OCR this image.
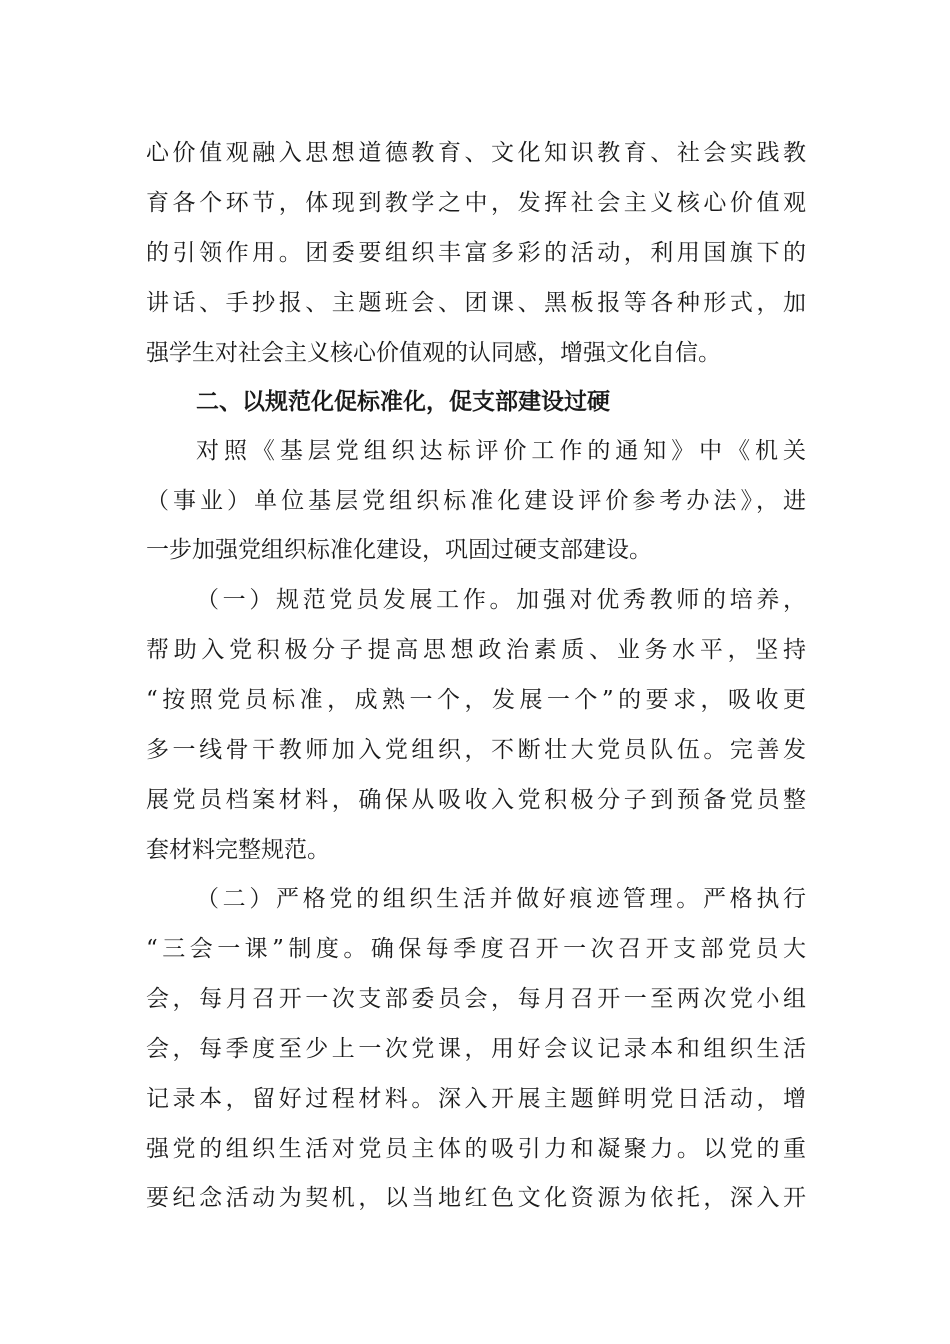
心价值观融入思想道德教育、文化知识教育、社会实践教
育各个环节，体现到教学之中，发挥社会主义核心价值观
的引领作用。团委要组织丰富多彩的活动，利用国旗下的
讲话、手抄报、主题班会、团课、黑板报等各种形式，加
强学生对社会主义核心价值观的认同感，增强文化自信。
二、以规范化促标准化，促支部建设过硬
对照《基层党组织达标评价工作的通知》中《机关
（事业）单位基层党组织标准化建设评价参考办法》，进
一步加强党组织标准化建设，巩固过硬支部建设。
（一）规范党员发展工作。加强对优秀教师的培养，
帮助入党积极分子提高思想政治素质、业务水平，坚持
“按照党员标准，成熟一个，发展一个”的要求，吸收更
多一线骨干教师加入党组织，不断壮大党员队伍。完善发
展党员档案材料，确保从吸收入党积极分子到预备党员整
套材料完整规范。
（二）严格党的组织生活并做好痕迹管理。严格执行
“三会一课”制度。确保每季度召开一次召开支部党员大
会，每月召开一次支部委员会，每月召开一至两次党小组
会，每季度至少上一次党课，用好会议记录本和组织生活
记录本，留好过程材料。深入开展主题鲜明党日活动，增
强党的组织生活对党员主体的吸引力和凝聚力。以党的重
要纪念活动为契机，以当地红色文化资源为依托，深入开
